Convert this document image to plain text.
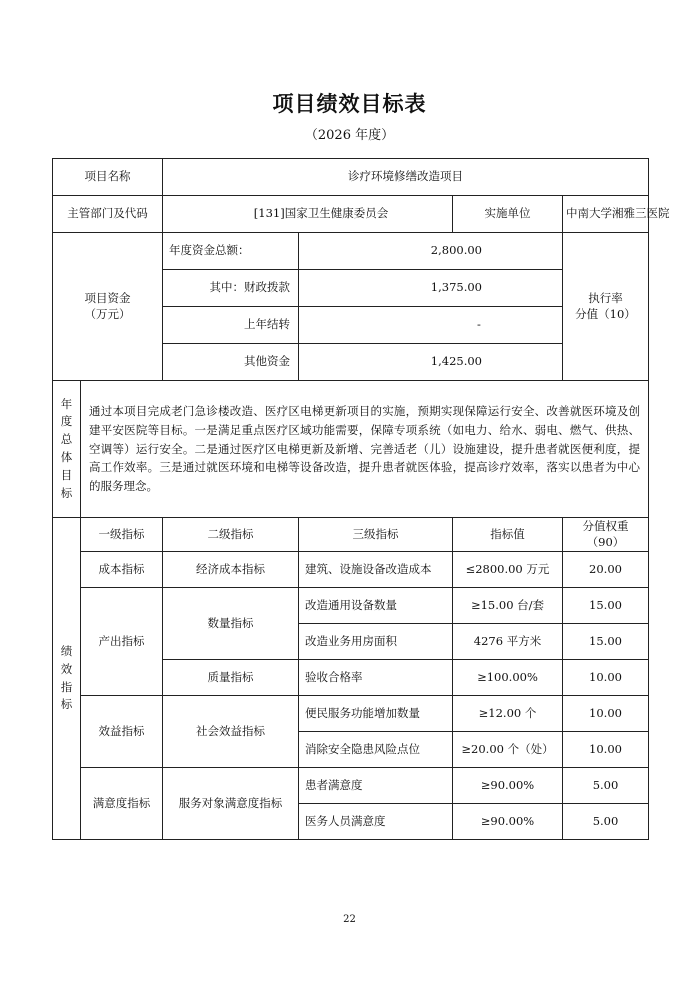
项目绩效目标表
（2026 年度）
项目名称		诊疗环境修缮改造项目			
主管部门及代码		[131]国家卫生健康委员会		实施单位	中南大学湘雅三医院

项目资金
（万元）		年度资金总额：	2,800.00		执行率
分值（10）

		其中：财政拨款	1,375.00		
		上年结转	-		
		其他资金	1,425.00		

年度总体目标	通过本项目完成老门急诊楼改造、医疗区电梯更新项目的实施，预期实现保障运行安全、改善就医环境及创建平安医院等目标。一是满足重点医疗区域功能需要，保障专项系统（如电力、给水、弱电、燃气、供热、空调等）运行安全。二是通过医疗区电梯更新及新增、完善适老（儿）设施建设，提升患者就医便利度，提高工作效率。三是通过就医环境和电梯等设备改造，提升患者就医体验，提高诊疗效率，落实以患者为中心的服务理念。				

绩效指标	一级指标	二级指标	三级指标	指标值	分值权重
（90）

	成本指标	经济成本指标	建筑、设施设备改造成本	≤2800.00 万元	20.00
	产出指标	数量指标	改造通用设备数量	≥15.00 台/套	15.00
			改造业务用房面积	4276 平方米	15.00
		质量指标	验收合格率	≥100.00%	10.00
	效益指标	社会效益指标	便民服务功能增加数量	≥12.00 个	10.00
			消除安全隐患风险点位	≥20.00 个（处）	10.00
	满意度指标	服务对象满意度指标	患者满意度	≥90.00%	5.00
			医务人员满意度	≥90.00%	5.00
22
